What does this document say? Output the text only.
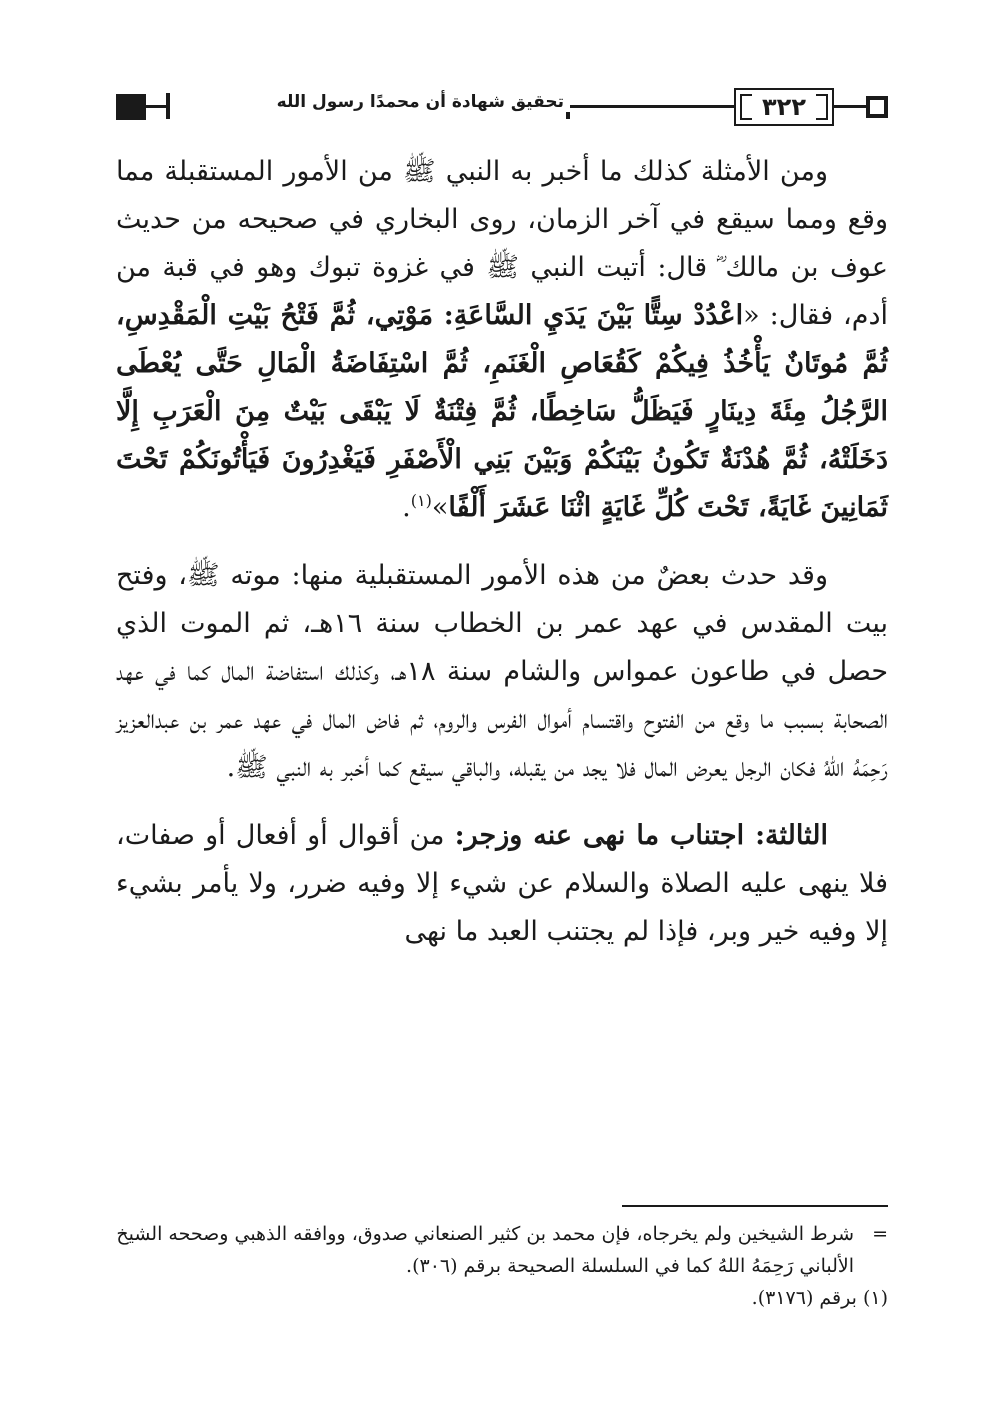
٣٢٢
تحقيق شهادة أن محمدًا رسول الله

ومن الأمثلة كذلك ما أخبر به النبي ﷺ من الأمور المستقبلة مما وقع ومما سيقع في آخر الزمان، روى البخاري في صحيحه من حديث عوف بن مالك ؓ قال: أتيت النبي ﷺ في غزوة تبوك وهو في قبة من أدم، فقال: «اعْدُدْ سِتًّا بَيْنَ يَدَيِ السَّاعَةِ: مَوْتِي، ثُمَّ فَتْحُ بَيْتِ الْمَقْدِسِ، ثُمَّ مُوتَانٌ يَأْخُذُ فِيكُمْ كَقُعَاصِ الْغَنَمِ، ثُمَّ اسْتِفَاضَةُ الْمَالِ حَتَّى يُعْطَى الرَّجُلُ مِئَةَ دِينَارٍ فَيَظَلُّ سَاخِطًا، ثُمَّ فِتْنَةٌ لَا يَبْقَى بَيْتٌ مِنَ الْعَرَبِ إِلَّا دَخَلَتْهُ، ثُمَّ هُدْنَةٌ تَكُونُ بَيْنَكُمْ وَبَيْنَ بَنِي الْأَصْفَرِ فَيَغْدِرُونَ فَيَأْتُونَكُمْ تَحْتَ ثَمَانِينَ غَايَةً، تَحْتَ كُلِّ غَايَةٍ اثْنَا عَشَرَ أَلْفًا»$^{(١)}$.

وقد حدث بعضٌ من هذه الأمور المستقبلية منها: موته ﷺ، وفتح بيت المقدس في عهد عمر بن الخطاب سنة ١٦هـ، ثم الموت الذي حصل في طاعون عمواس والشام سنة ١٨هـ، وكذلك استفاضة المال كما في عهد الصحابة بسبب ما وقع من الفتوح واقتسام أموال الفرس والروم، ثم فاض المال في عهد عمر بن عبدالعزيز رَحِمَهُ اللهُ فكان الرجل يعرض المال فلا يجد من يقبله، والباقي سيقع كما أخبر به النبي ﷺ.

الثالثة: اجتناب ما نهى عنه وزجر: من أقوال أو أفعال أو صفات، فلا ينهى عليه الصلاة والسلام عن شيء إلا وفيه ضرر، ولا يأمر بشيء إلا وفيه خير وبر، فإذا لم يجتنب العبد ما نهى

=شرط الشيخين ولم يخرجاه، فإن محمد بن كثير الصنعاني صدوق، ووافقه الذهبي وصححه الشيخ الألباني رَحِمَهُ اللهُ كما في السلسلة الصحيحة برقم (٣٠٦).

(١) برقم (٣١٧٦).
